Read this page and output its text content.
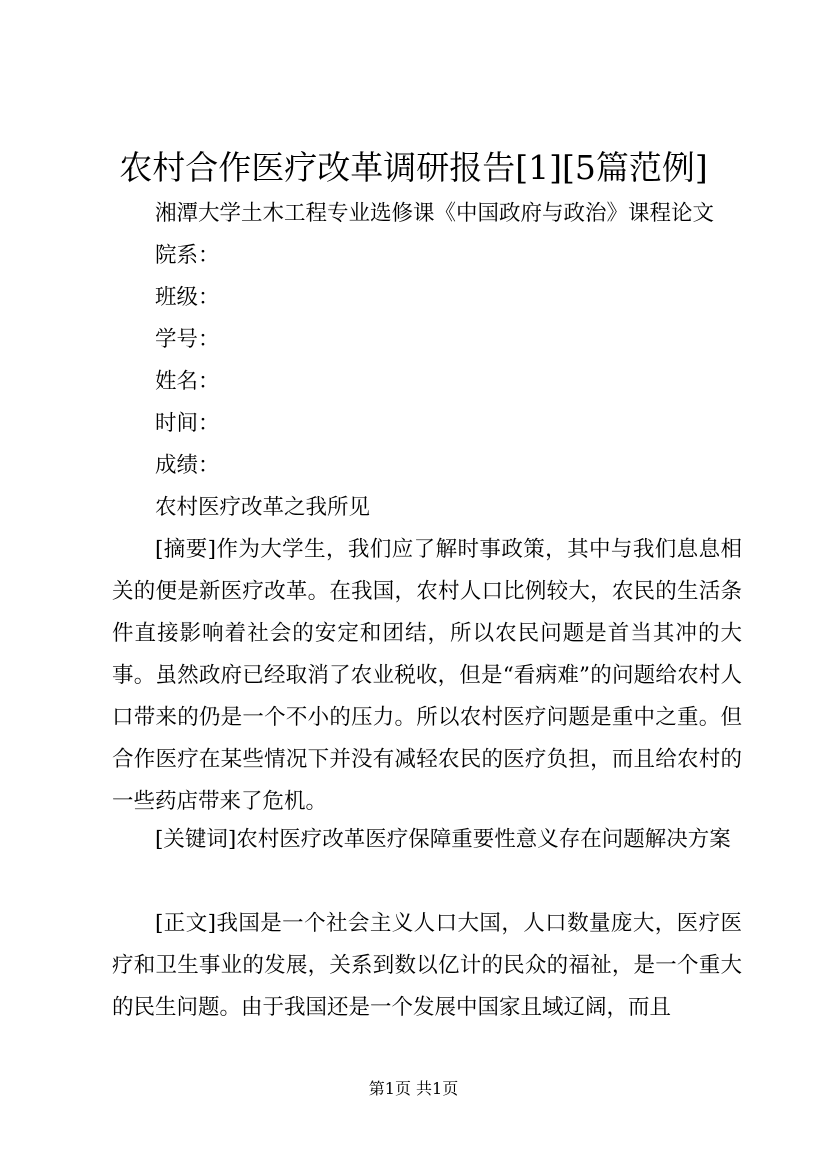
农村合作医疗改革调研报告[1][5篇范例]
湘潭大学土木工程专业选修课《中国政府与政治》课程论文
院系：
班级：
学号：
姓名：
时间：
成绩：
农村医疗改革之我所见

[摘要]作为大学生，我们应了解时事政策，其中与我们息息相关的便是新医疗改革。在我国，农村人口比例较大，农民的生活条件直接影响着社会的安定和团结，所以农民问题是首当其冲的大事。虽然政府已经取消了农业税收，但是“看病难”的问题给农村人口带来的仍是一个不小的压力。所以农村医疗问题是重中之重。但合作医疗在某些情况下并没有减轻农民的医疗负担，而且给农村的一些药店带来了危机。

[关键词]农村医疗改革医疗保障重要性意义存在问题解决方案

[正文]我国是一个社会主义人口大国，人口数量庞大，医疗医疗和卫生事业的发展，关系到数以亿计的民众的福祉，是一个重大的民生问题。由于我国还是一个发展中国家且域辽阔，而且

第1页 共1页
